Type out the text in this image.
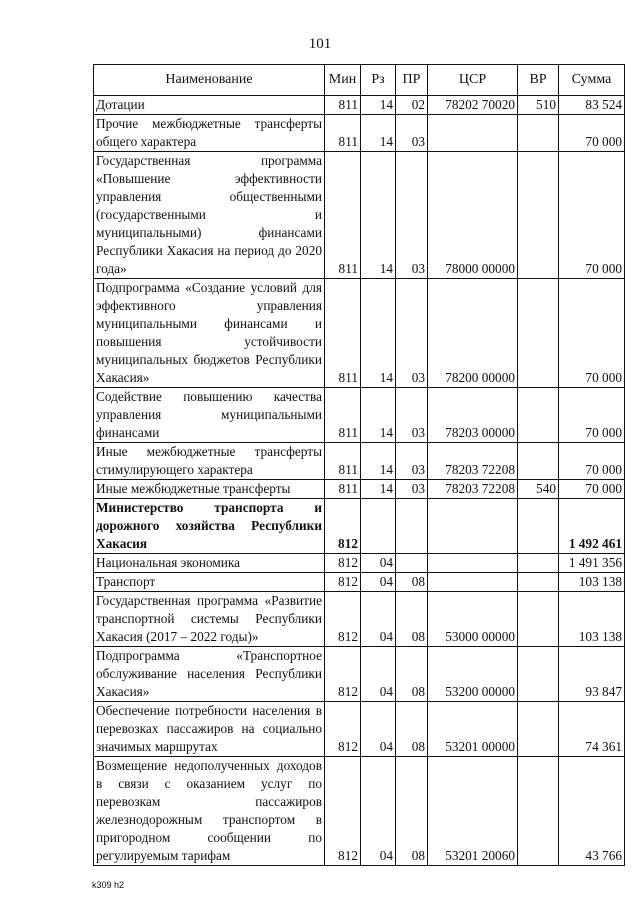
101
Наименование	Мин	Рз	ПР	ЦСР	ВР	Сумма
Дотации	811	14	02	78202 70020	510	83 524
Прочие межбюджетные трансферты общего характера	811	14	03			70 000
Государственная программа «Повышение эффективности управления общественными (государственными и муниципальными) финансами Республики Хакасия на период до 2020 года»	811	14	03	78000 00000		70 000
Подпрограмма «Создание условий для эффективного управления муниципальными финансами и повышения устойчивости муниципальных бюджетов Республики Хакасия»	811	14	03	78200 00000		70 000
Содействие повышению качества управления муниципальными финансами	811	14	03	78203 00000		70 000
Иные межбюджетные трансферты стимулирующего характера	811	14	03	78203 72208		70 000
Иные межбюджетные трансферты	811	14	03	78203 72208	540	70 000
Министерство транспорта и дорожного хозяйства Республики Хакасия	812					1 492 461
Национальная экономика	812	04				1 491 356
Транспорт	812	04	08			103 138
Государственная программа «Развитие транспортной системы Республики Хакасия (2017 – 2022 годы)»	812	04	08	53000 00000		103 138
Подпрограмма «Транспортное обслуживание населения Республики Хакасия»	812	04	08	53200 00000		93 847
Обеспечение потребности населения в перевозках пассажиров на социально значимых маршрутах	812	04	08	53201 00000		74 361
Возмещение недополученных доходов в связи с оказанием услуг по перевозкам пассажиров железнодорожным транспортом в пригородном сообщении по регулируемым тарифам	812	04	08	53201 20060		43 766
k309 h2
